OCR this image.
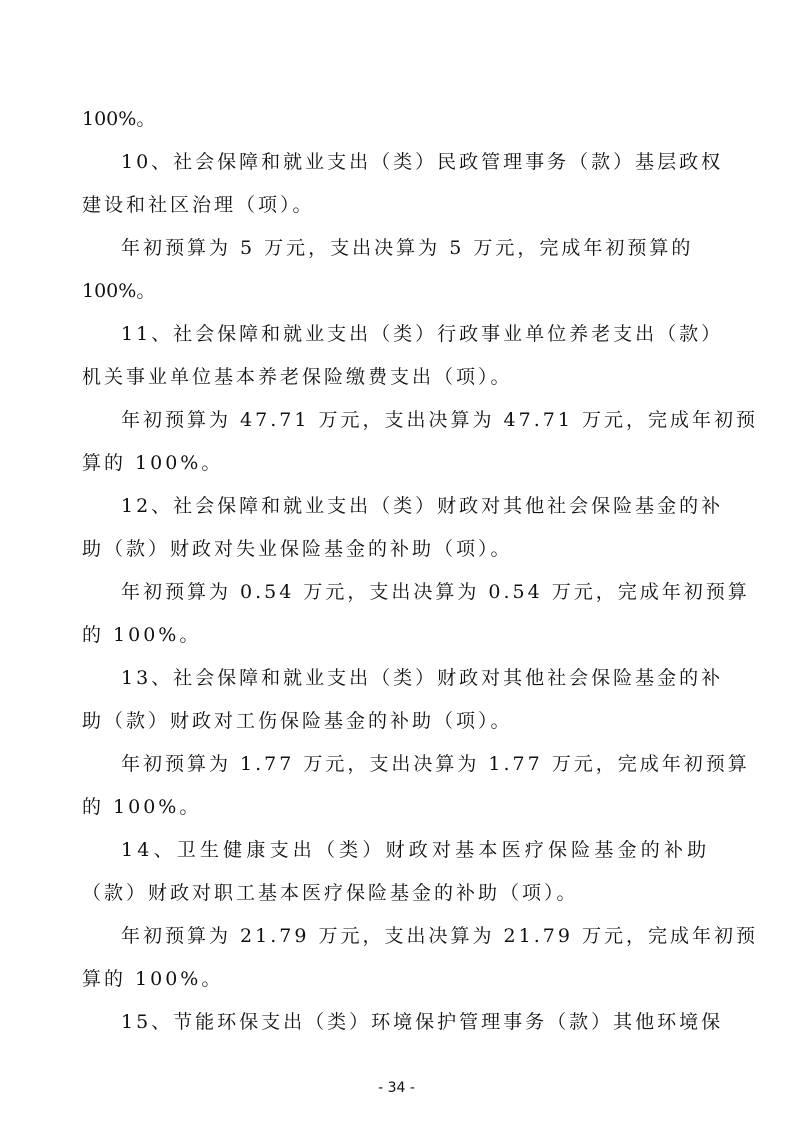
100%。

10、社会保障和就业支出（类）民政管理事务（款）基层政权

建设和社区治理（项）。

年初预算为 5 万元，支出决算为 5 万元，完成年初预算的

100%。

11、社会保障和就业支出（类）行政事业单位养老支出（款）

机关事业单位基本养老保险缴费支出（项）。

年初预算为 47.71 万元，支出决算为 47.71 万元，完成年初预

算的 100%。

12、社会保障和就业支出（类）财政对其他社会保险基金的补

助（款）财政对失业保险基金的补助（项）。

年初预算为 0.54 万元，支出决算为 0.54 万元，完成年初预算

的 100%。

13、社会保障和就业支出（类）财政对其他社会保险基金的补

助（款）财政对工伤保险基金的补助（项）。

年初预算为 1.77 万元，支出决算为 1.77 万元，完成年初预算

的 100%。

14、卫生健康支出（类）财政对基本医疗保险基金的补助

（款）财政对职工基本医疗保险基金的补助（项）。

年初预算为 21.79 万元，支出决算为 21.79 万元，完成年初预

算的 100%。

15、节能环保支出（类）环境保护管理事务（款）其他环境保

- 34 -
